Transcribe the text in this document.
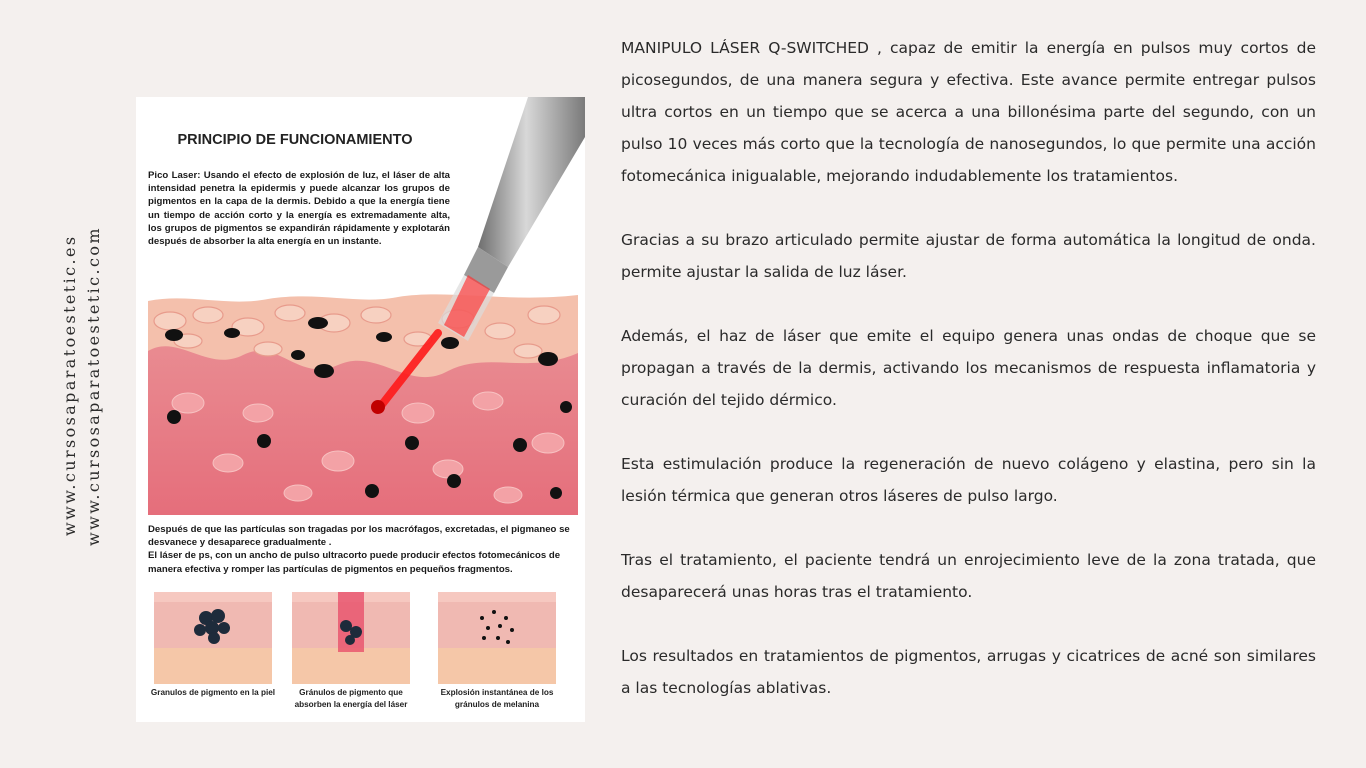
www.cursosaparatoestetic.es www.cursosaparatoestetic.com
PRINCIPIO DE FUNCIONAMIENTO
Pico Laser: Usando el efecto de explosión de luz, el láser de alta intensidad penetra la epidermis y puede alcanzar los grupos de pigmentos en la capa de la dermis. Debido a que la energía tiene un tiempo de acción corto y la energía es extremadamente alta, los grupos de pigmentos se expandirán rápidamente y explotarán después de absorber la alta energía en un instante.
Después de que las partículas son tragadas por los macrófagos, excretadas, el pigmaneo se desvanece y desaparece gradualmente .
El láser de ps, con un ancho de pulso ultracorto puede producir efectos fotomecánicos de manera efectiva y romper las partículas de pigmentos en pequeños fragmentos.
Granulos de pigmento en la piel	Gránulos de pigmento que absorben la energía del láser
Explosión instantánea de los gránulos de melanina

MANIPULO LÁSER Q-SWITCHED , capaz de emitir la energía en pulsos muy cortos de picosegundos, de una manera segura y efectiva. Este avance permite entregar pulsos ultra cortos en un tiempo que se acerca a una billonésima parte del segundo, con un pulso 10 veces más corto que la tecnología de nanosegundos, lo que permite una acción fotomecánica inigualable, mejorando indudablemente los tratamientos.

Gracias a su brazo articulado permite ajustar de forma automática la longitud de onda. permite ajustar la salida de luz láser.

Además, el haz de láser que emite el equipo genera unas ondas de choque que se propagan a través de la dermis, activando los mecanismos de respuesta inflamatoria y curación del tejido dérmico.

Esta estimulación produce la regeneración de nuevo colágeno y elastina, pero sin la lesión térmica que generan otros láseres de pulso largo.

Tras el tratamiento, el paciente tendrá un enrojecimiento leve de la zona tratada, que desaparecerá unas horas tras el tratamiento.

Los resultados en tratamientos de pigmentos, arrugas y cicatrices de acné son similares a las tecnologías ablativas.
